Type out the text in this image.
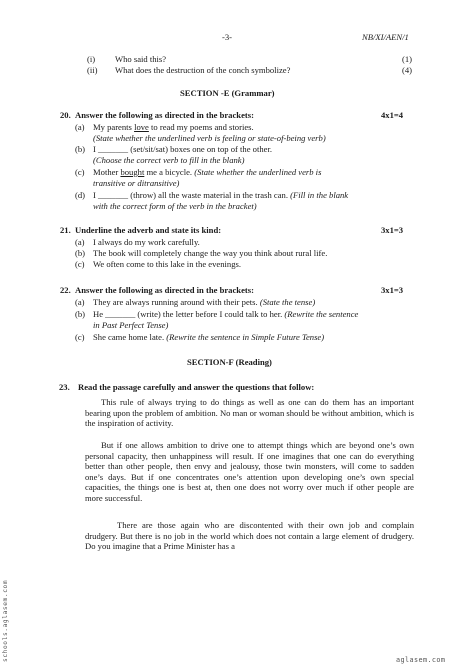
-3-	NB/XI/AEN/1
(i) Who said this?	(1)
(ii) What does the destruction of the conch symbolize?	(4)
SECTION -E (Grammar)
20. Answer the following as directed in the brackets:	4x1=4
(a) My parents love to read my poems and stories.
(State whether the underlined verb is feeling or state-of-being verb)
(b) I _______ (set/sit/sat) boxes one on top of the other.
(Choose the correct verb to fill in the blank)
(c) Mother bought me a bicycle. (State whether the underlined verb is
transitive or ditransitive)
(d) I _______ (throw) all the waste material in the trash can. (Fill in the blank
with the correct form of the verb in the bracket)
21. Underline the adverb and state its kind:	3x1=3
(a) I always do my work carefully.
(b) The book will completely change the way you think about rural life.
(c) We often come to this lake in the evenings.
22. Answer the following as directed in the brackets:	3x1=3
(a) They are always running around with their pets. (State the tense)
(b) He _______ (write) the letter before I could talk to her. (Rewrite the sentence
in Past Perfect Tense)
(c) She came home late. (Rewrite the sentence in Simple Future Tense)
SECTION-F (Reading)
23. Read the passage carefully and answer the questions that follow:
This rule of always trying to do things as well as one can do them has an important bearing upon the problem of ambition. No man or woman should be without ambition, which is the inspiration of activity.
But if one allows ambition to drive one to attempt things which are beyond one’s own personal capacity, then unhappiness will result. If one imagines that one can do everything better than other people, then envy and jealousy, those twin monsters, will come to sadden one’s days. But if one concentrates one’s attention upon developing one’s own special capacities, the things one is best at, then one does not worry over much if other people are more successful.
There are those again who are discontented with their own job and complain drudgery. But there is no job in the world which does not contain a large element of drudgery. Do you imagine that a Prime Minister has a
schools.aglasem.com	aglasem.com
